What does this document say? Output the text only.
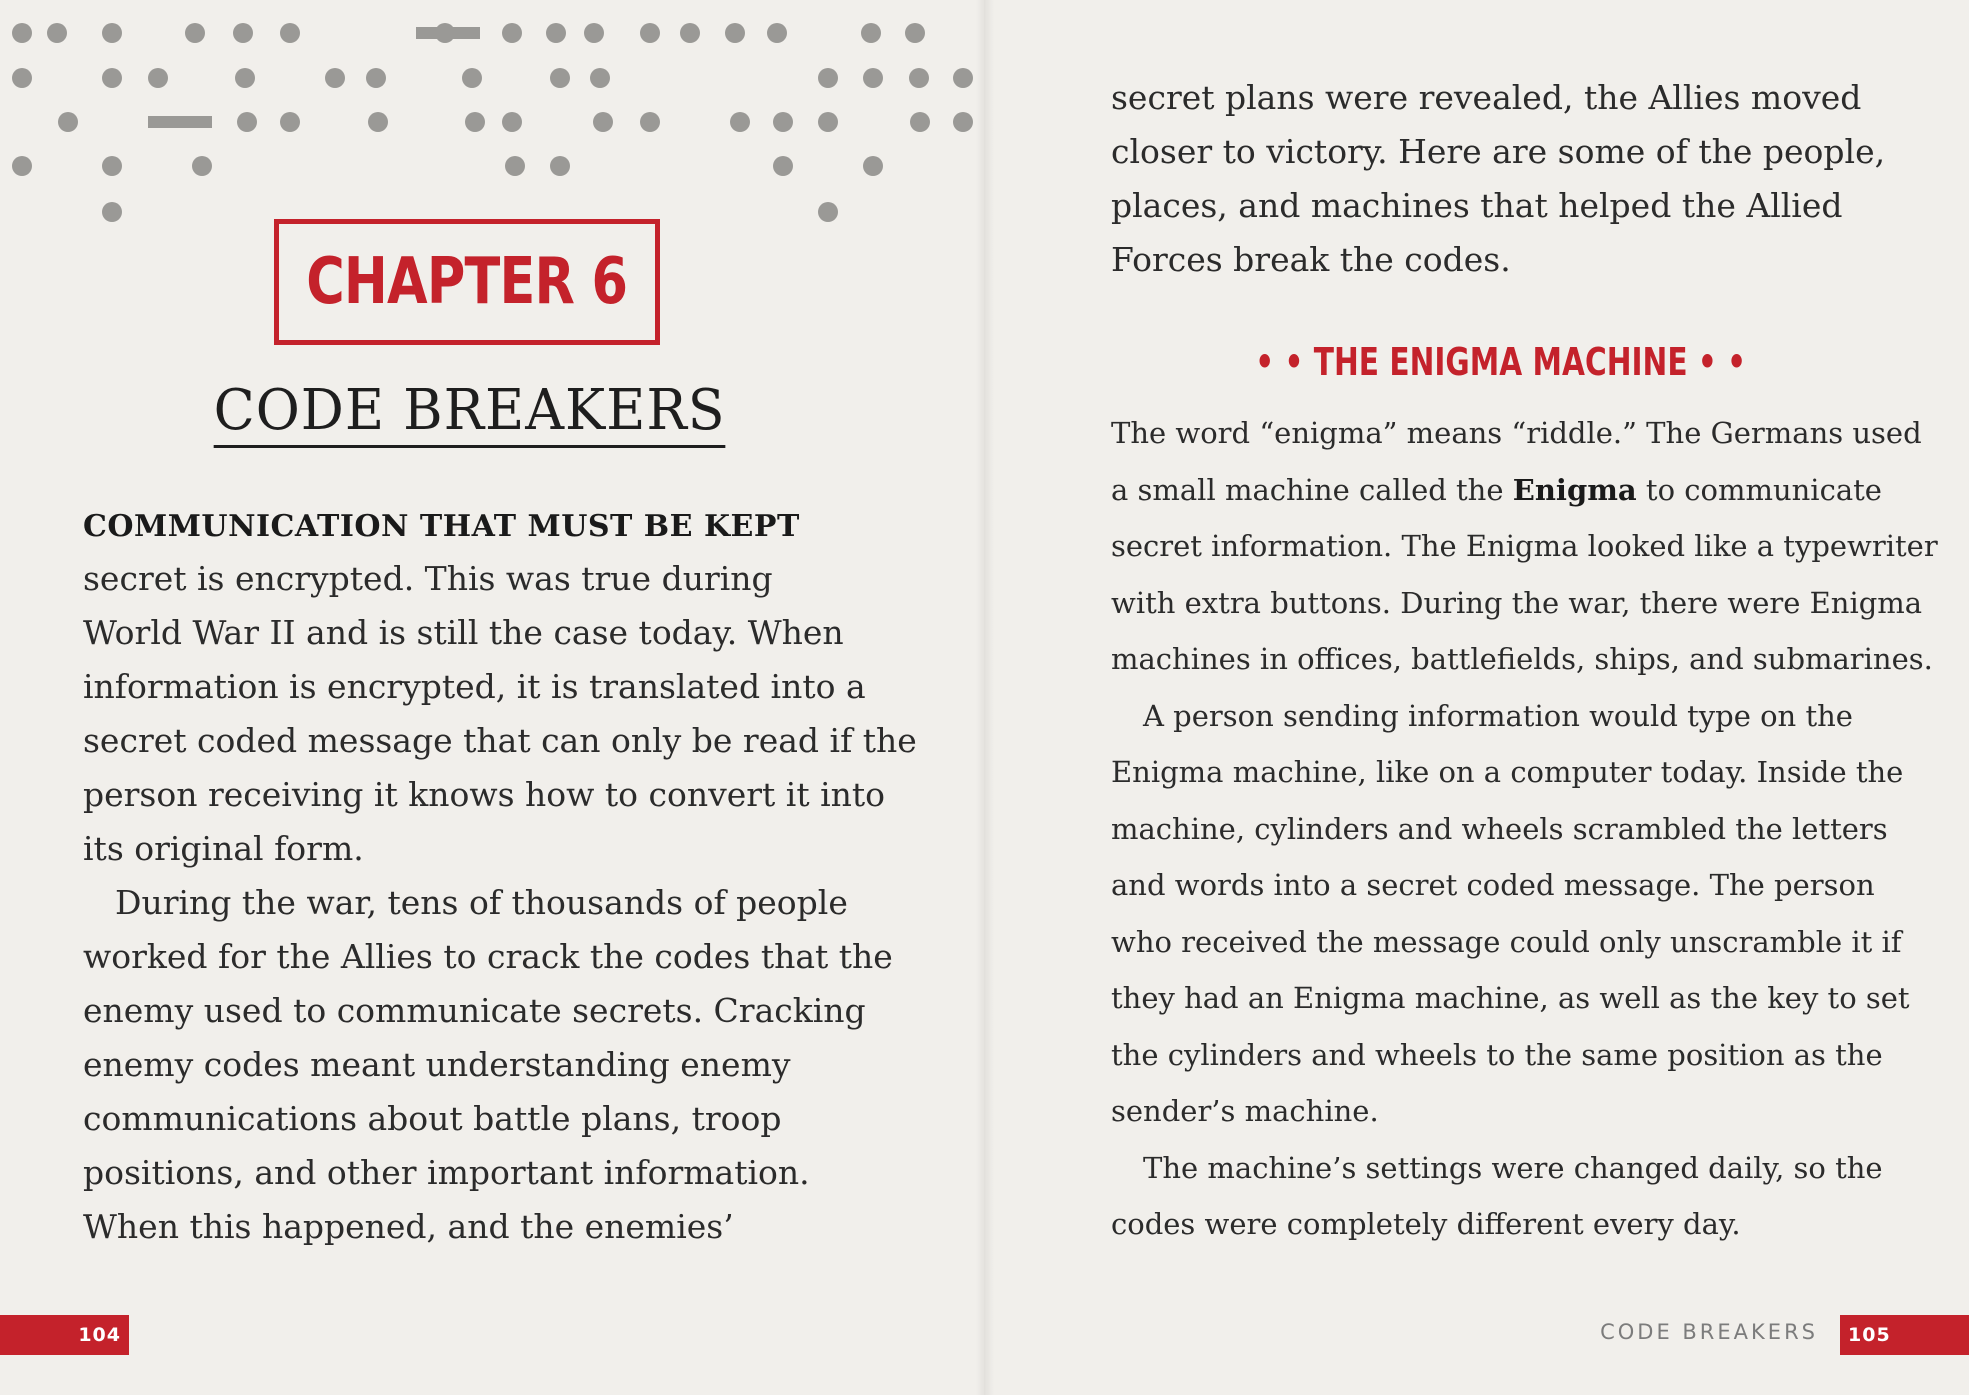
CHAPTER 6
CODE BREAKERS
COMMUNICATION THAT MUST BE KEPT
secret is encrypted. This was true during
World War II and is still the case today. When
information is encrypted, it is translated into a
secret coded message that can only be read if the
person receiving it knows how to convert it into
its original form.
During the war, tens of thousands of people
worked for the Allies to crack the codes that the
enemy used to communicate secrets. Cracking
enemy codes meant understanding enemy
communications about battle plans, troop
positions, and other important information.
When this happened, and the enemies’
secret plans were revealed, the Allies moved
closer to victory. Here are some of the people,
places, and machines that helped the Allied
Forces break the codes.
• • THE ENIGMA MACHINE • •
The word “enigma” means “riddle.” The Germans used
a small machine called the Enigma to communicate
secret information. The Enigma looked like a typewriter
with extra buttons. During the war, there were Enigma
machines in offices, battlefields, ships, and submarines.
A person sending information would type on the
Enigma machine, like on a computer today. Inside the
machine, cylinders and wheels scrambled the letters
and words into a secret coded message. The person
who received the message could only unscramble it if
they had an Enigma machine, as well as the key to set
the cylinders and wheels to the same position as the
sender’s machine.
The machine’s settings were changed daily, so the
codes were completely different every day.
104	CODE BREAKERS 105
